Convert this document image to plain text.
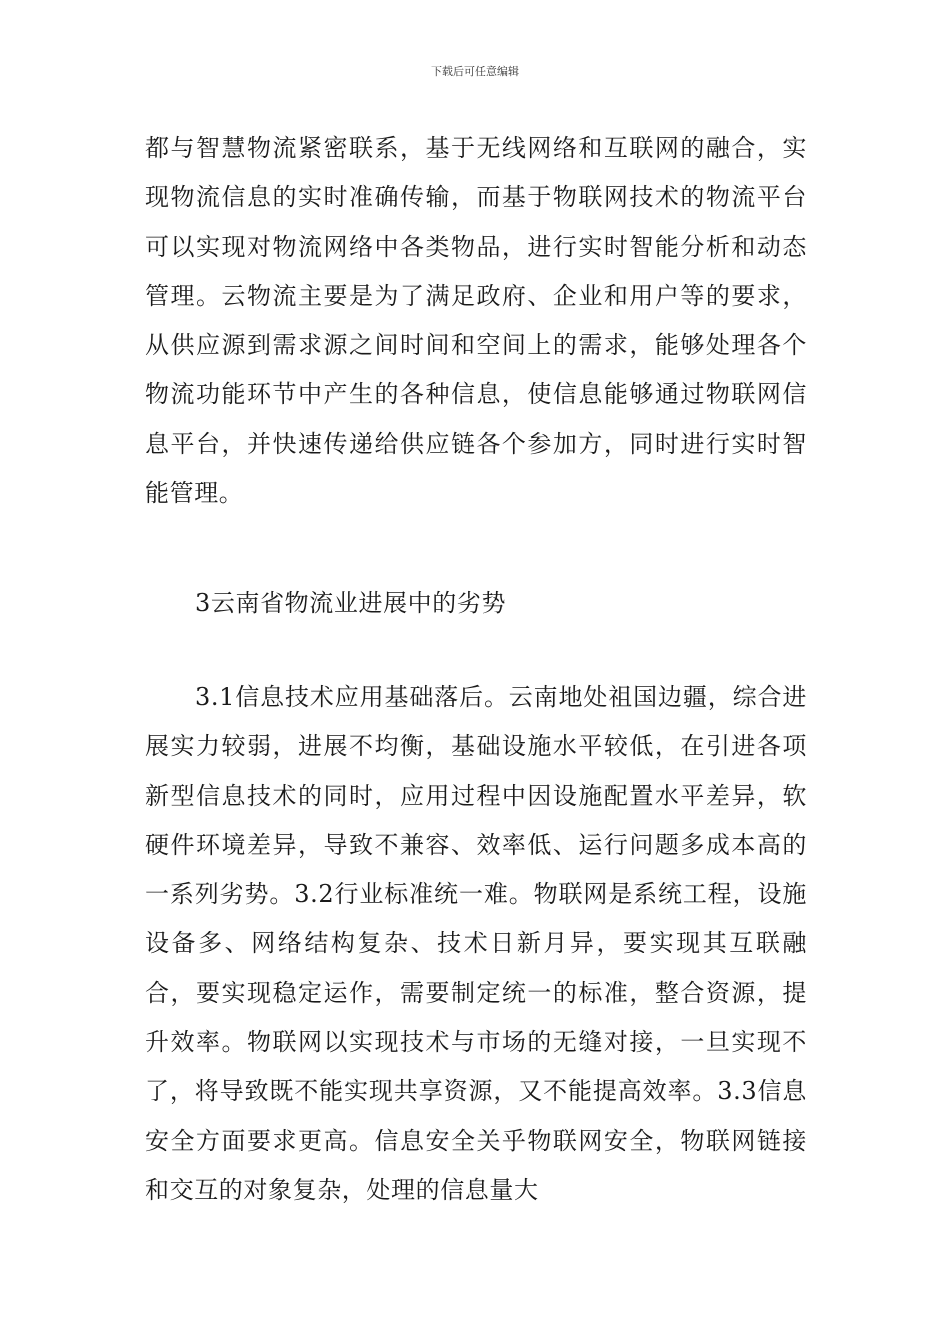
下载后可任意编辑

都与智慧物流紧密联系，基于无线网络和互联网的融合，实现物流信息的实时准确传输，而基于物联网技术的物流平台可以实现对物流网络中各类物品，进行实时智能分析和动态管理。云物流主要是为了满足政府、企业和用户等的要求，从供应源到需求源之间时间和空间上的需求，能够处理各个物流功能环节中产生的各种信息，使信息能够通过物联网信息平台，并快速传递给供应链各个参加方，同时进行实时智能管理。

3云南省物流业进展中的劣势

3.1信息技术应用基础落后。云南地处祖国边疆，综合进展实力较弱，进展不均衡，基础设施水平较低，在引进各项新型信息技术的同时，应用过程中因设施配置水平差异，软硬件环境差异，导致不兼容、效率低、运行问题多成本高的一系列劣势。3.2行业标准统一难。物联网是系统工程，设施设备多、网络结构复杂、技术日新月异，要实现其互联融合，要实现稳定运作，需要制定统一的标准，整合资源，提升效率。物联网以实现技术与市场的无缝对接，一旦实现不了，将导致既不能实现共享资源，又不能提高效率。3.3信息安全方面要求更高。信息安全关乎物联网安全，物联网链接和交互的对象复杂，处理的信息量大
